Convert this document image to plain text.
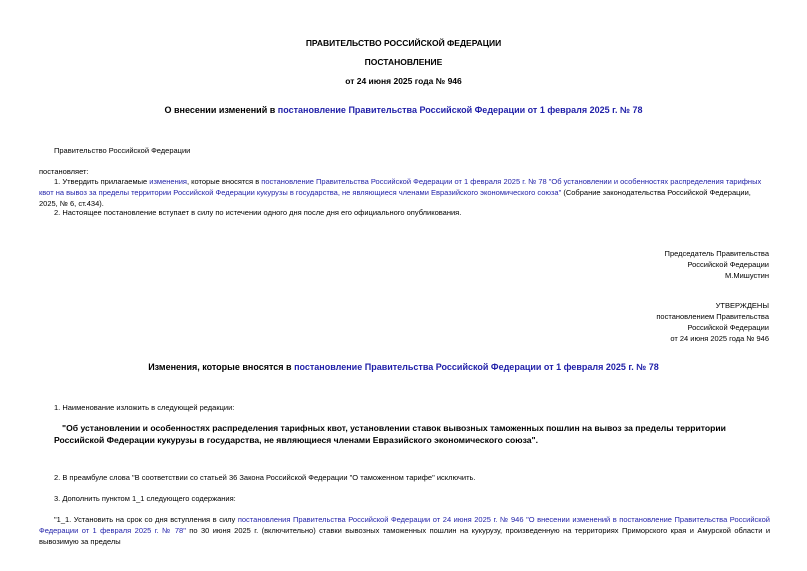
ПРАВИТЕЛЬСТВО РОССИЙСКОЙ ФЕДЕРАЦИИ
ПОСТАНОВЛЕНИЕ
от 24 июня 2025 года № 946
О внесении изменений в постановление Правительства Российской Федерации от 1 февраля 2025 г. № 78
Правительство Российской Федерации
постановляет:
1. Утвердить прилагаемые изменения, которые вносятся в постановление Правительства Российской Федерации от 1 февраля 2025 г. № 78 "Об установлении и особенностях распределения тарифных квот на вывоз за пределы территории Российской Федерации кукурузы в государства, не являющиеся членами Евразийского экономического союза" (Собрание законодательства Российской Федерации, 2025, № 6, ст.434).
2. Настоящее постановление вступает в силу по истечении одного дня после дня его официального опубликования.
Председатель Правительства
Российской Федерации
М.Мишустин
УТВЕРЖДЕНЫ
постановлением Правительства
Российской Федерации
от 24 июня 2025 года № 946
Изменения, которые вносятся в постановление Правительства Российской Федерации от 1 февраля 2025 г. № 78
1. Наименование изложить в следующей редакции:
"Об установлении и особенностях распределения тарифных квот, установлении ставок вывозных таможенных пошлин на вывоз за пределы территории Российской Федерации кукурузы в государства, не являющиеся членами Евразийского экономического союза".
2. В преамбуле слова "В соответствии со статьей 36 Закона Российской Федерации "О таможенном тарифе" исключить.
3. Дополнить пунктом 1_1 следующего содержания:
"1_1. Установить на срок со дня вступления в силу постановления Правительства Российской Федерации от 24 июня 2025 г. № 946 "О внесении изменений в постановление Правительства Российской Федерации от 1 февраля 2025 г. № 78" по 30 июня 2025 г. (включительно) ставки вывозных таможенных пошлин на кукурузу, произведенную на территориях Приморского края и Амурской области и вывозимую за пределы
